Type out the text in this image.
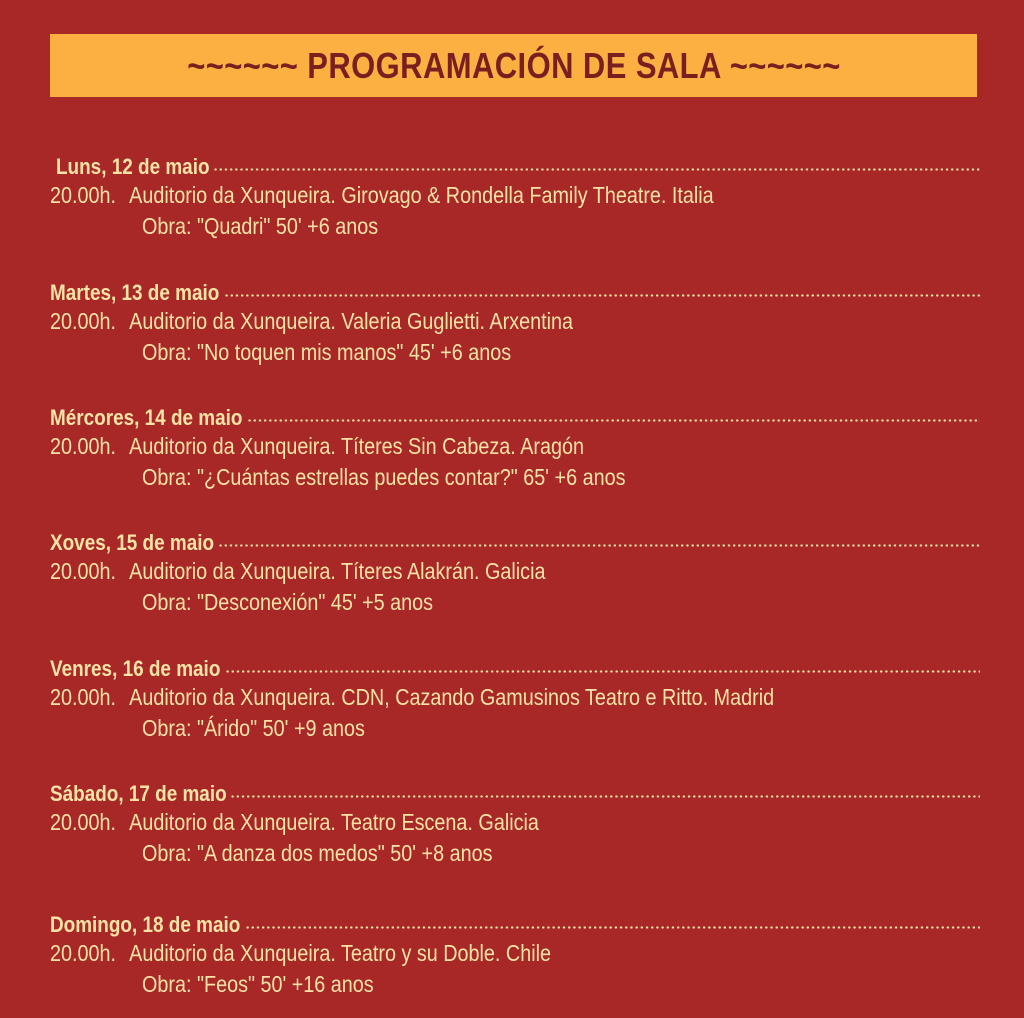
~~~~~~ PROGRAMACIÓN DE SALA ~~~~~~
Luns, 12 de maio
20.00h. Auditorio da Xunqueira. Girovago & Rondella Family Theatre. Italia
Obra: "Quadri" 50' +6 anos
Martes, 13 de maio
20.00h. Auditorio da Xunqueira. Valeria Guglietti. Arxentina
Obra: "No toquen mis manos" 45' +6 anos
Mércores, 14 de maio
20.00h. Auditorio da Xunqueira. Títeres Sin Cabeza. Aragón
Obra: "¿Cuántas estrellas puedes contar?" 65' +6 anos
Xoves, 15 de maio
20.00h. Auditorio da Xunqueira. Títeres Alakrán. Galicia
Obra: "Desconexión" 45' +5 anos
Venres, 16 de maio
20.00h. Auditorio da Xunqueira. CDN, Cazando Gamusinos Teatro e Ritto. Madrid
Obra: "Árido" 50' +9 anos
Sábado, 17 de maio
20.00h. Auditorio da Xunqueira. Teatro Escena. Galicia
Obra: "A danza dos medos" 50' +8 anos
Domingo, 18 de maio
20.00h. Auditorio da Xunqueira. Teatro y su Doble. Chile
Obra: "Feos" 50' +16 anos
